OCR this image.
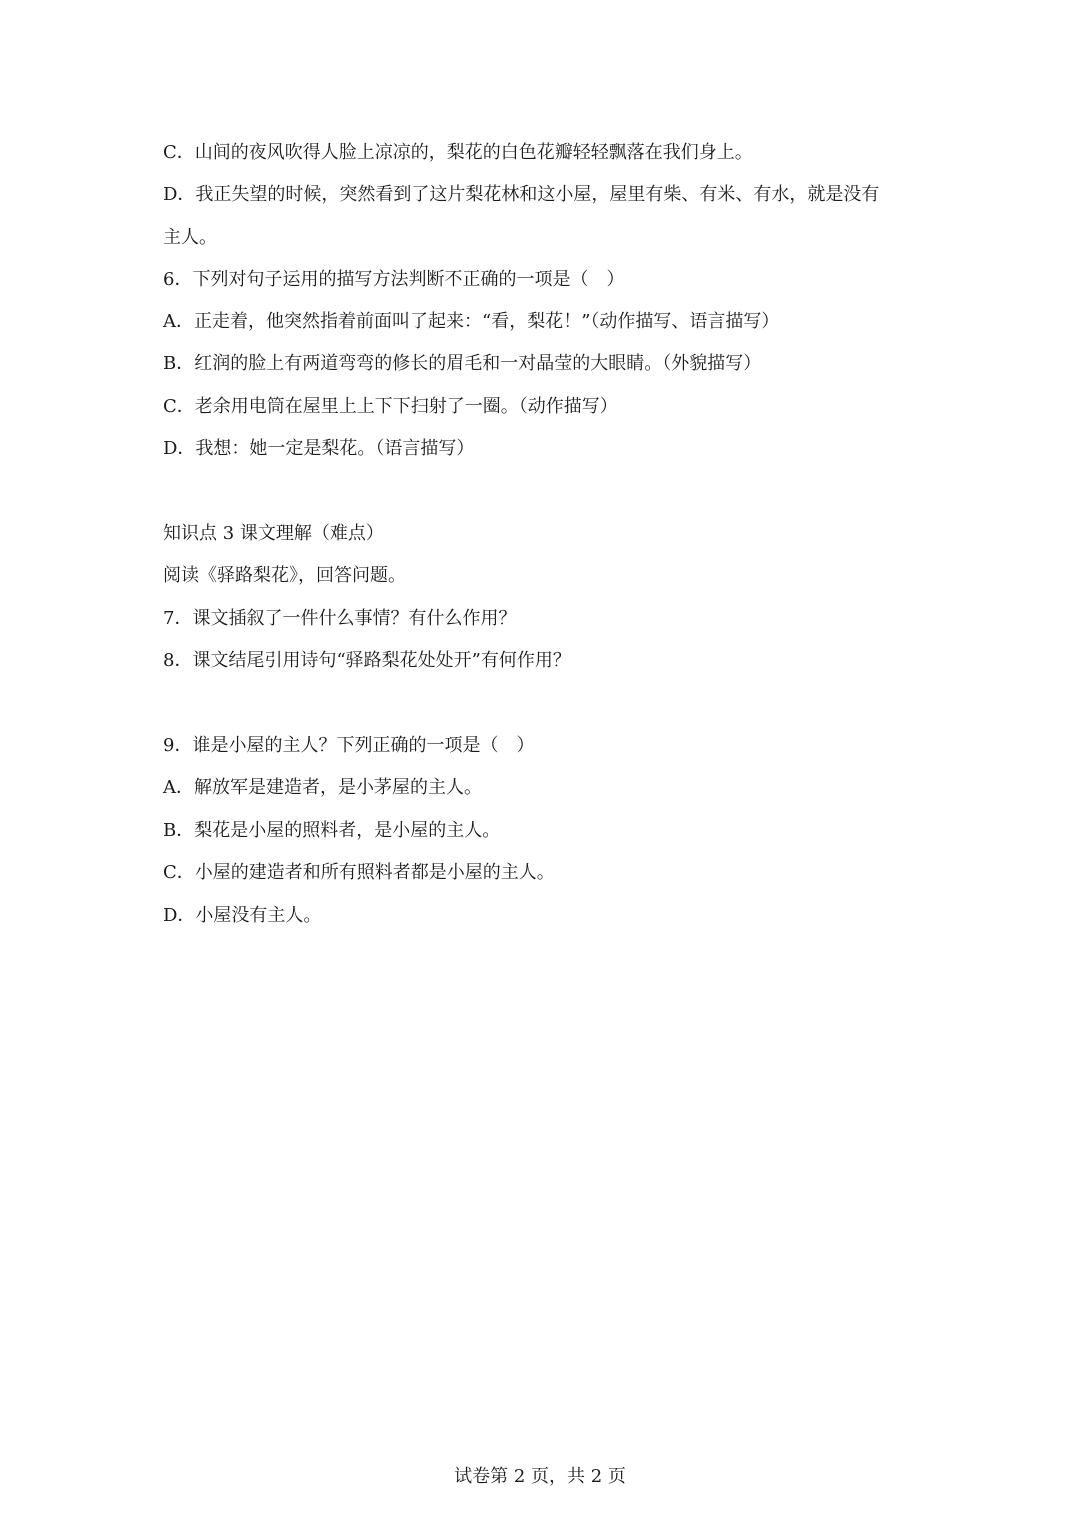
C．山间的夜风吹得人脸上凉凉的，梨花的白色花瓣轻轻飘落在我们身上。
D．我正失望的时候，突然看到了这片梨花林和这小屋，屋里有柴、有米、有水，就是没有
主人。
6．下列对句子运用的描写方法判断不正确的一项是（　）
A．正走着，他突然指着前面叫了起来：“看，梨花！”（动作描写、语言描写）
B．红润的脸上有两道弯弯的修长的眉毛和一对晶莹的大眼睛。（外貌描写）
C．老余用电筒在屋里上上下下扫射了一圈。（动作描写）
D．我想：她一定是梨花。（语言描写）
知识点 3 课文理解（难点）
阅读《驿路梨花》，回答问题。
7．课文插叙了一件什么事情？有什么作用？
8．课文结尾引用诗句“驿路梨花处处开”有何作用？
9．谁是小屋的主人？下列正确的一项是（　）
A．解放军是建造者，是小茅屋的主人。
B．梨花是小屋的照料者，是小屋的主人。
C．小屋的建造者和所有照料者都是小屋的主人。
D．小屋没有主人。
试卷第 2 页，共 2 页
